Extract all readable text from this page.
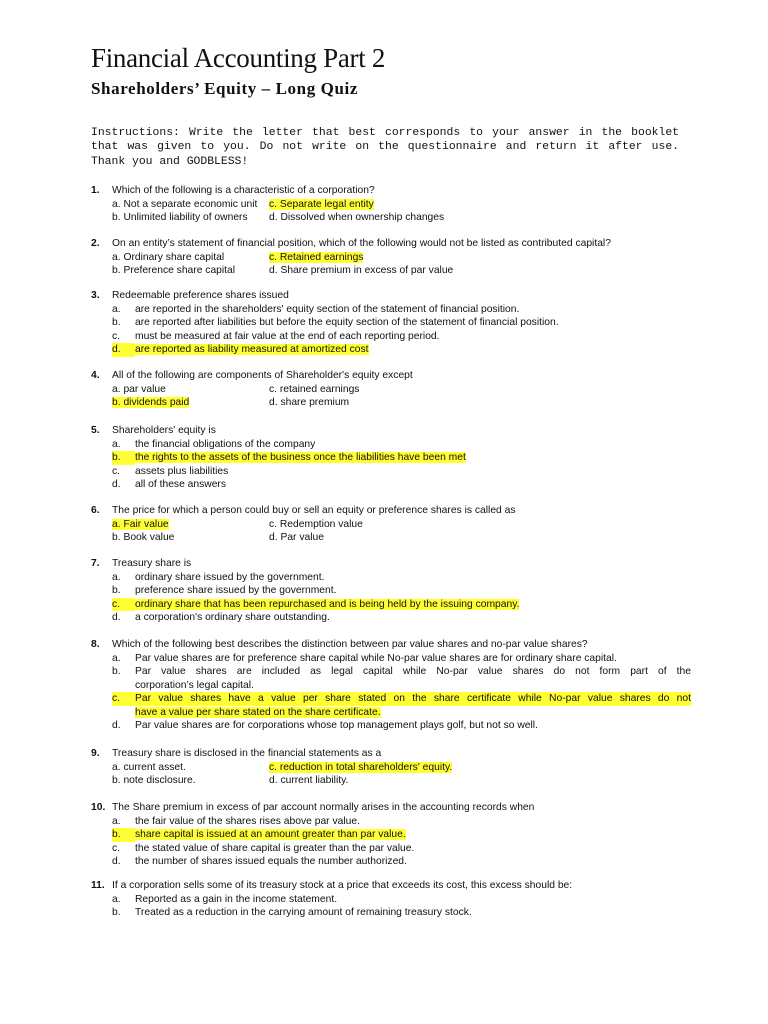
Financial Accounting Part 2
Shareholders’ Equity – Long Quiz
Instructions: Write the letter that best corresponds to your answer in the booklet that was given to you. Do not write on the questionnaire and return it after use. Thank you and GODBLESS!
1.	Which of the following is a characteristic of a corporation?
a. Not a separate economic unit	c. Separate legal entity
b. Unlimited liability of owners	d. Dissolved when ownership changes
2.	On an entity’s statement of financial position, which of the following would not be listed as contributed capital?
a. Ordinary share capital	c. Retained earnings
b. Preference share capital	d. Share premium in excess of par value
3.	Redeemable preference shares issued
a.	are reported in the shareholders' equity section of the statement of financial position.
b.	are reported after liabilities but before the equity section of the statement of financial position.
c.	must be measured at fair value at the end of each reporting period.
d.	are reported as liability measured at amortized cost
4.	All of the following are components of Shareholder's equity except
a. par value	c. retained earnings
b. dividends paid	d. share premium
5.	Shareholders' equity is
a.	the financial obligations of the company
b.	the rights to the assets of the business once the liabilities have been met
c.	assets plus liabilities
d.	all of these answers
6.	The price for which a person could buy or sell an equity or preference shares is called as
a. Fair value	c. Redemption value
b. Book value	d. Par value
7.	Treasury share is
a.	ordinary share issued by the government.
b.	preference share issued by the government.
c.	ordinary share that has been repurchased and is being held by the issuing company.
d.	a corporation's ordinary share outstanding.
8.	Which of the following best describes the distinction between par value shares and no-par value shares?
a.	Par value shares are for preference share capital while No-par value shares are for ordinary share capital.
b.	Par value shares are included as legal capital while No-par value shares do not form part of the
corporation’s legal capital.
c.	Par value shares have a value per share stated on the share certificate while No-par value shares do not
have a value per share stated on the share certificate.
d.	Par value shares are for corporations whose top management plays golf, but not so well.
9.	Treasury share is disclosed in the financial statements as a
a. current asset.	c. reduction in total shareholders' equity.
b. note disclosure.	d. current liability.
10. The Share premium in excess of par account normally arises in the accounting records when
a.	the fair value of the shares rises above par value.
b.	share capital is issued at an amount greater than par value.
c.	the stated value of share capital is greater than the par value.
d.	the number of shares issued equals the number authorized.
11. If a corporation sells some of its treasury stock at a price that exceeds its cost, this excess should be:
a.	Reported as a gain in the income statement.
b.	Treated as a reduction in the carrying amount of remaining treasury stock.
